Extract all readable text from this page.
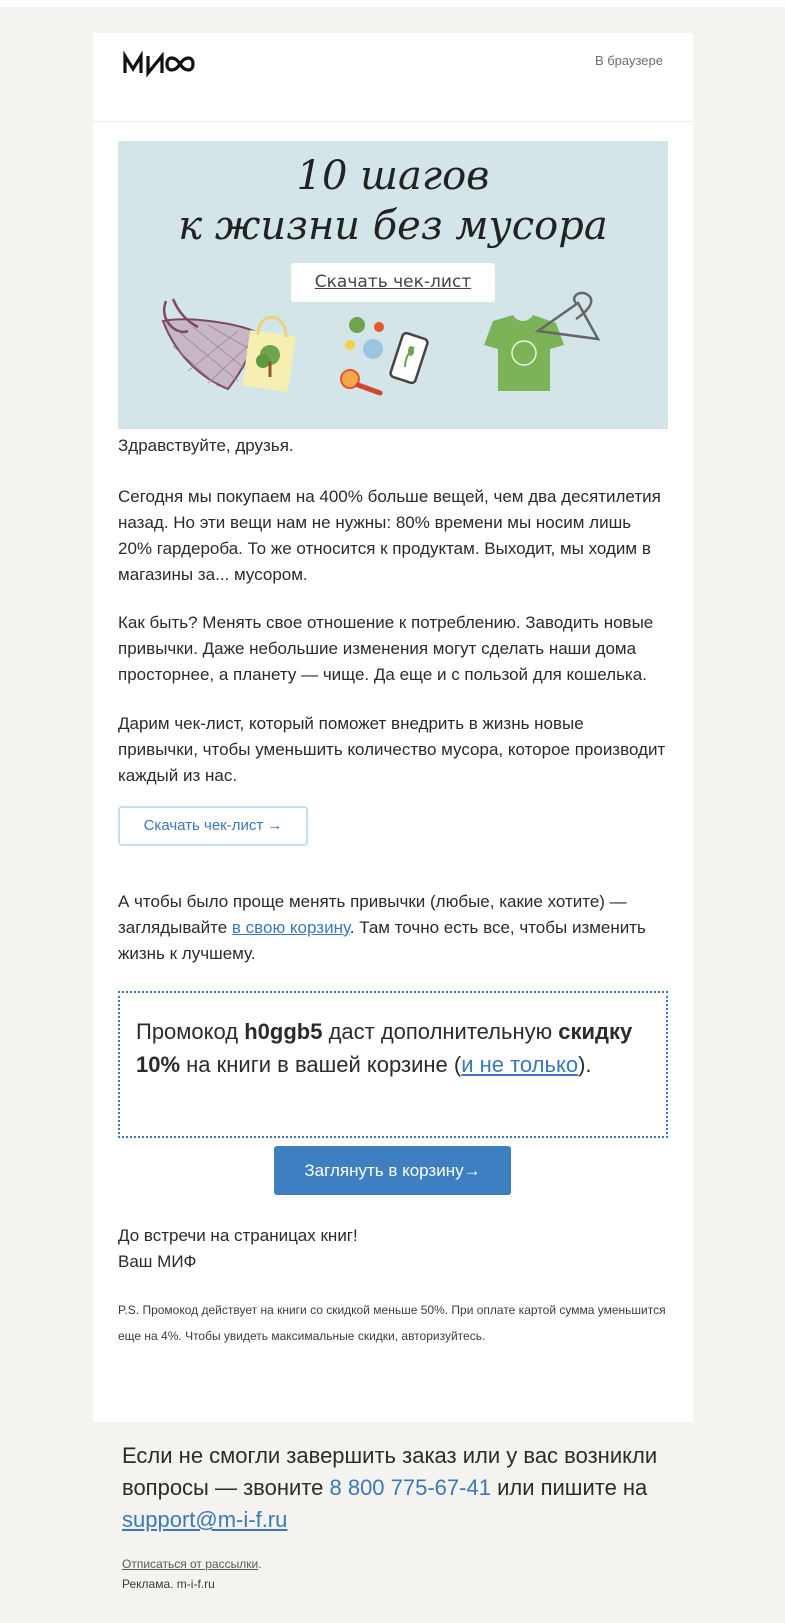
В браузере
10 шагов
к жизни без мусора
Скачать чек-лист

Здравствуйте, друзья.

Сегодня мы покупаем на 400% больше вещей, чем два десятилетия назад. Но эти вещи нам не нужны: 80% времени мы носим лишь 20% гардероба. То же относится к продуктам. Выходит, мы ходим в магазины за... мусором.

Как быть? Менять свое отношение к потреблению. Заводить новые привычки. Даже небольшие изменения могут сделать наши дома просторнее, а планету — чище. Да еще и с пользой для кошелька.

Дарим чек-лист, который поможет внедрить в жизнь новые привычки, чтобы уменьшить количество мусора, которое производит каждый из нас.

Скачать чек-лист →

А чтобы было проще менять привычки (любые, какие хотите) — заглядывайте в свою корзину. Там точно есть все, чтобы изменить жизнь к лучшему.

Промокод h0ggb5 даст дополнительную скидку 10% на книги в вашей корзине (и не только).

Заглянуть в корзину→

До встречи на страницах книг!
Ваш МИФ

P.S. Промокод действует на книги со скидкой меньше 50%. При оплате картой сумма уменьшится еще на 4%. Чтобы увидеть максимальные скидки, авторизуйтесь.

Если не смогли завершить заказ или у вас возникли вопросы — звоните 8 800 775-67-41 или пишите на support@m-i-f.ru

Отписаться от рассылки.
Реклама. m-i-f.ru
